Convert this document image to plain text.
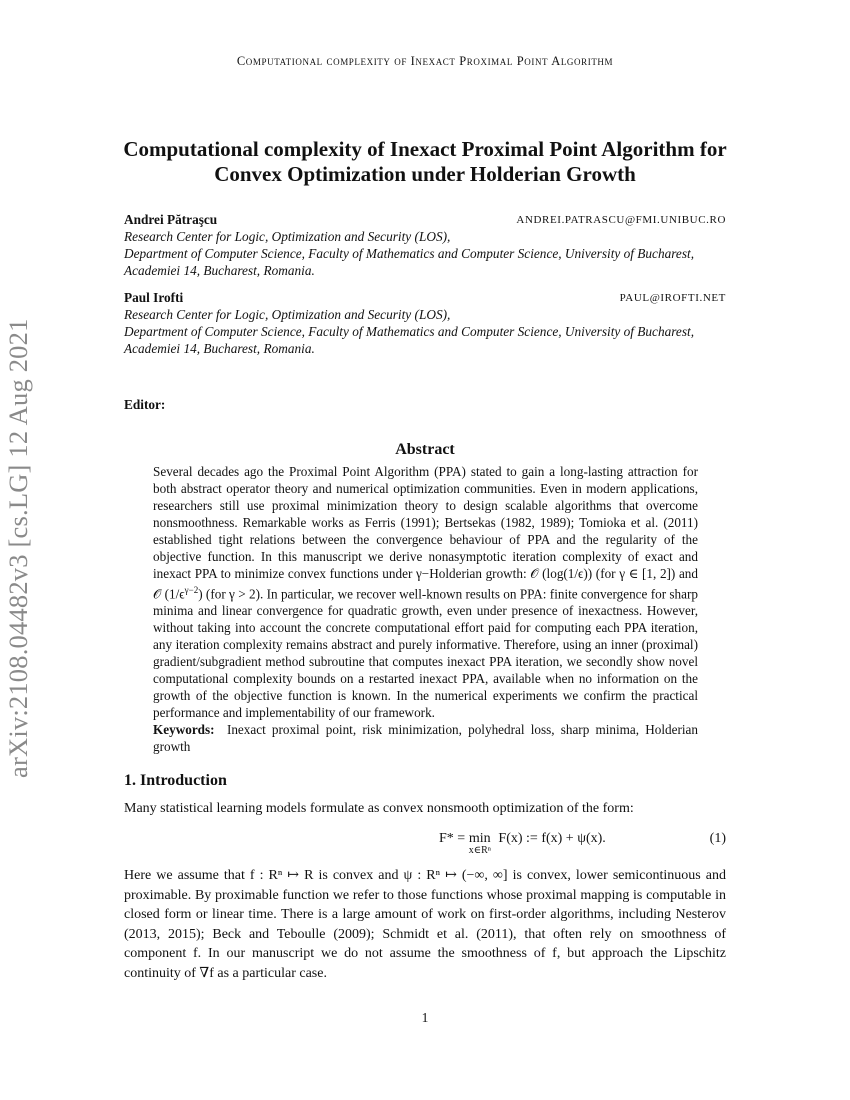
Computational complexity of Inexact Proximal Point Algorithm
arXiv:2108.04482v3 [cs.LG] 12 Aug 2021
Computational complexity of Inexact Proximal Point Algorithm for Convex Optimization under Holderian Growth
Andrei Pătraşcu	ANDREI.PATRASCU@FMI.UNIBUC.RO
Research Center for Logic, Optimization and Security (LOS),
Department of Computer Science, Faculty of Mathematics and Computer Science, University of Bucharest,
Academiei 14, Bucharest, Romania.
Paul Irofti	PAUL@IROFTI.NET
Research Center for Logic, Optimization and Security (LOS),
Department of Computer Science, Faculty of Mathematics and Computer Science, University of Bucharest,
Academiei 14, Bucharest, Romania.
Editor:
Abstract

Several decades ago the Proximal Point Algorithm (PPA) stated to gain a long-lasting attraction for both abstract operator theory and numerical optimization communities. Even in modern applications, researchers still use proximal minimization theory to design scalable algorithms that overcome nonsmoothness. Remarkable works as Ferris (1991); Bertsekas (1982, 1989); Tomioka et al. (2011) established tight relations between the convergence behaviour of PPA and the regularity of the objective function. In this manuscript we derive nonasymptotic iteration complexity of exact and inexact PPA to minimize convex functions under γ−Holderian growth: 𝒪 (log(1/ϵ)) (for γ ∈ [1, 2]) and 𝒪 $(1/\epsilon^{\gamma-2})$ (for γ > 2). In particular, we recover well-known results on PPA: finite convergence for sharp minima and linear convergence for quadratic growth, even under presence of inexactness. However, without taking into account the concrete computational effort paid for computing each PPA iteration, any iteration complexity remains abstract and purely informative. Therefore, using an inner (proximal) gradient/subgradient method subroutine that computes inexact PPA iteration, we secondly show novel computational complexity bounds on a restarted inexact PPA, available when no information on the growth of the objective function is known. In the numerical experiments we confirm the practical performance and implementability of our framework.

Keywords: Inexact proximal point, risk minimization, polyhedral loss, sharp minima, Holderian growth

1. Introduction
Many statistical learning models formulate as convex nonsmooth optimization of the form:
F* = min
x∈Rⁿ
F(x) := f(x) + ψ(x).	(1)
Here we assume that f : Rⁿ ↦ R is convex and ψ : Rⁿ ↦ (−∞, ∞] is convex, lower semicontinuous and proximable. By proximable function we refer to those functions whose proximal mapping is computable in closed form or linear time. There is a large amount of work on first-order algorithms, including Nesterov (2013, 2015); Beck and Teboulle (2009); Schmidt et al. (2011), that often rely on smoothness of component f. In our manuscript we do not assume the smoothness of f, but approach the Lipschitz continuity of ∇f as a particular case.
1
